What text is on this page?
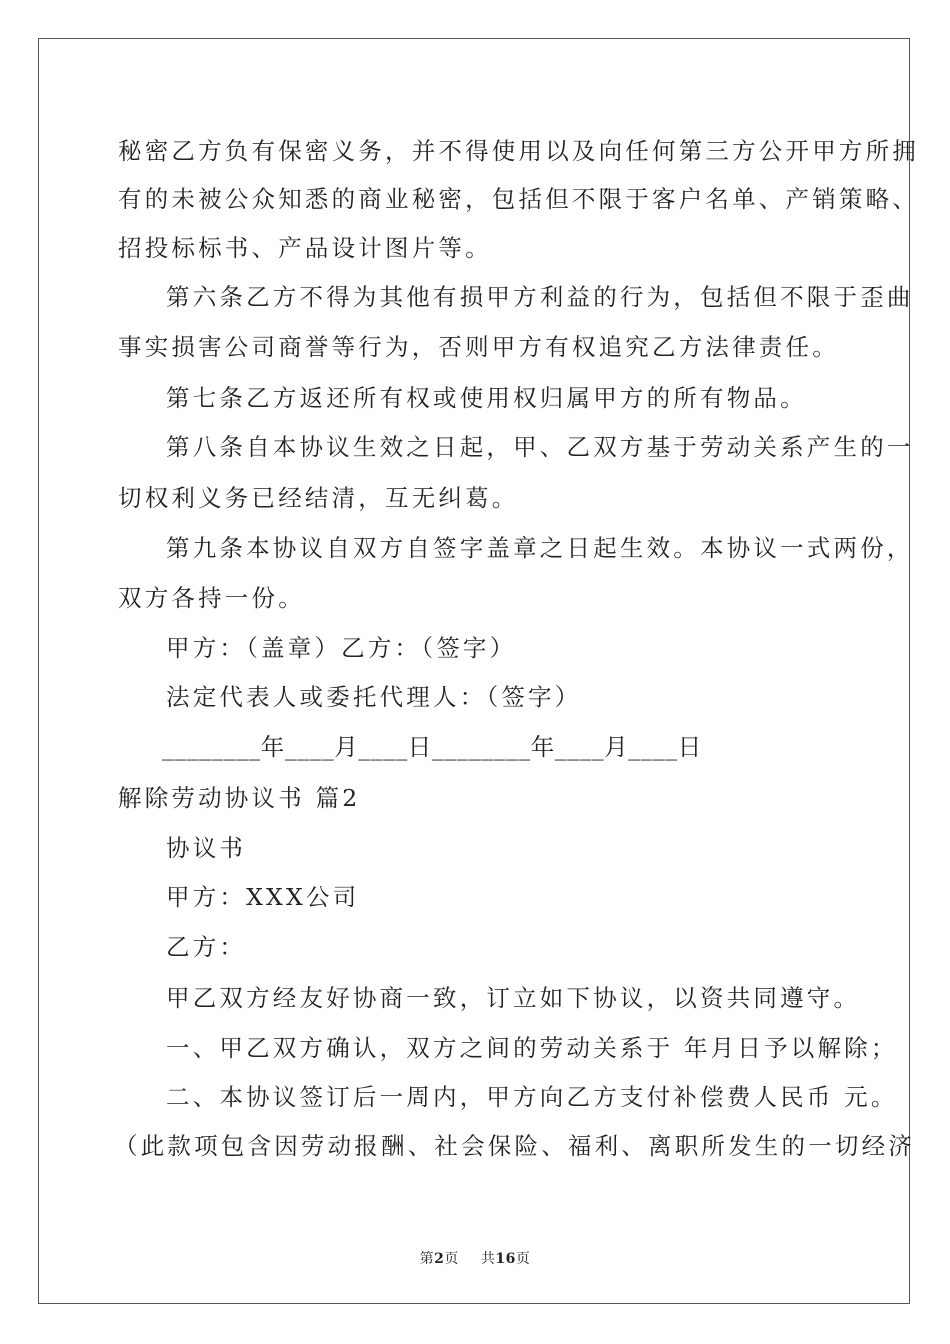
秘密乙方负有保密义务，并不得使用以及向任何第三方公开甲方所拥
有的未被公众知悉的商业秘密，包括但不限于客户名单、产销策略、
招投标标书、产品设计图片等。
第六条乙方不得为其他有损甲方利益的行为，包括但不限于歪曲
事实损害公司商誉等行为，否则甲方有权追究乙方法律责任。
第七条乙方返还所有权或使用权归属甲方的所有物品。
第八条自本协议生效之日起，甲、乙双方基于劳动关系产生的一
切权利义务已经结清，互无纠葛。
第九条本协议自双方自签字盖章之日起生效。本协议一式两份，
双方各持一份。
甲方：（盖章）乙方：（签字）
法定代表人或委托代理人：（签字）
________年____月____日________年____月____日
解除劳动协议书 篇2
协议书
甲方：XXX公司
乙方：
甲乙双方经友好协商一致，订立如下协议，以资共同遵守。
一、甲乙双方确认，双方之间的劳动关系于 年月日予以解除；
二、本协议签订后一周内，甲方向乙方支付补偿费人民币 元。
（此款项包含因劳动报酬、社会保险、福利、离职所发生的一切经济
第2页 共16页
